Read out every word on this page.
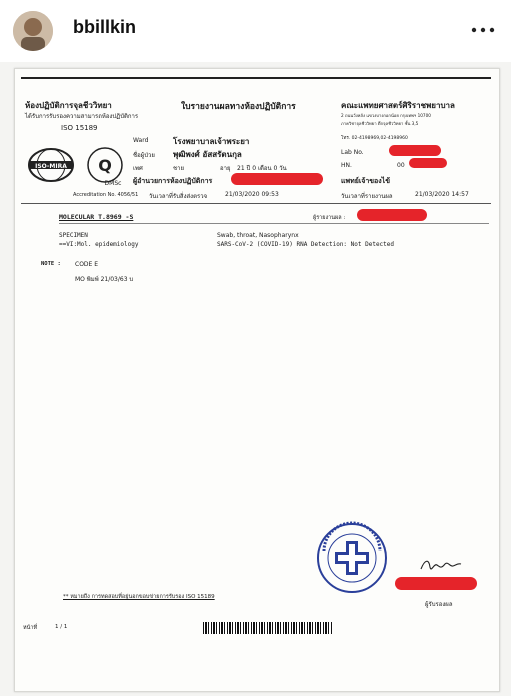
bbillkin
ห้องปฏิบัติการจุลชีววิทยา
ได้รับการรับรองความสามารถห้องปฏิบัติการ
ISO 15189
ใบรายงานผลทางห้องปฏิบัติการ	คณะแพทยศาสตร์ศิริราชพยาบาล
2 ถนนวังหลัง แขวงบางกอกน้อย กรุงเทพฯ 10700
ภาควิชาจุลชีววิทยา ตึกจุลชีววิทยา ชั้น 3,5
โทร. 02-4198969,02-4198960
ISO-MIRA Q
DMSc
Ward	โรงพยาบาลเจ้าพระยา
ชื่อผู้ป่วย พุฒิพงศ์ อัสสรัตนกุล
เพศ	ชาย	อายุ 21 ปี 0 เดือน 0 วัน
ผู้อำนวยการห้องปฏิบัติการ
Lab No.
HN.	00
แพทย์เจ้าของไข้
Accreditation No. 4056/51 วันเวลาที่รับสิ่งส่งตรวจ	21/03/2020 09:53	วันเวลาที่รายงานผล	21/03/2020 14:57
MOLECULAR T.8969 -S	ผู้รายงานผล :
SPECIMEN	Swab, throat, Nasopharynx
==VI:Mol. epidemiology	SARS-CoV-2 (COVID-19) RNA Detection: Not Detected
NOTE : CODE E
MO พิมพ์ 21/03/63 บ
ผู้รับรองผล
** หมายถึง การทดสอบที่อยู่นอกขอบข่ายการรับรอง ISO 15189
หน้าที่	1 / 1
